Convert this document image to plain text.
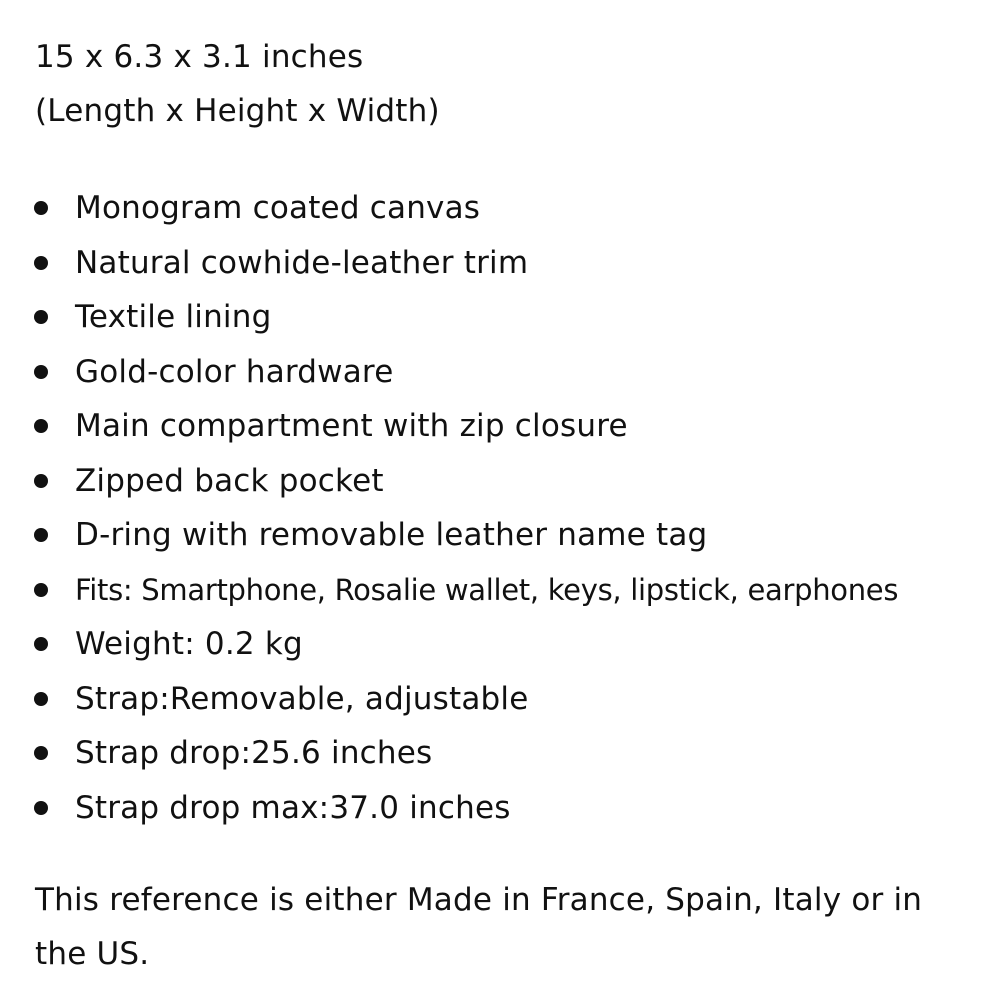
15 x 6.3 x 3.1 inches
(Length x Height x Width)
Monogram coated canvas
Natural cowhide-leather trim
Textile lining
Gold-color hardware
Main compartment with zip closure
Zipped back pocket
D-ring with removable leather name tag
Fits: Smartphone, Rosalie wallet, keys, lipstick, earphones
Weight: 0.2 kg
Strap:Removable, adjustable
Strap drop:25.6 inches
Strap drop max:37.0 inches
This reference is either Made in France, Spain, Italy or in the US.
